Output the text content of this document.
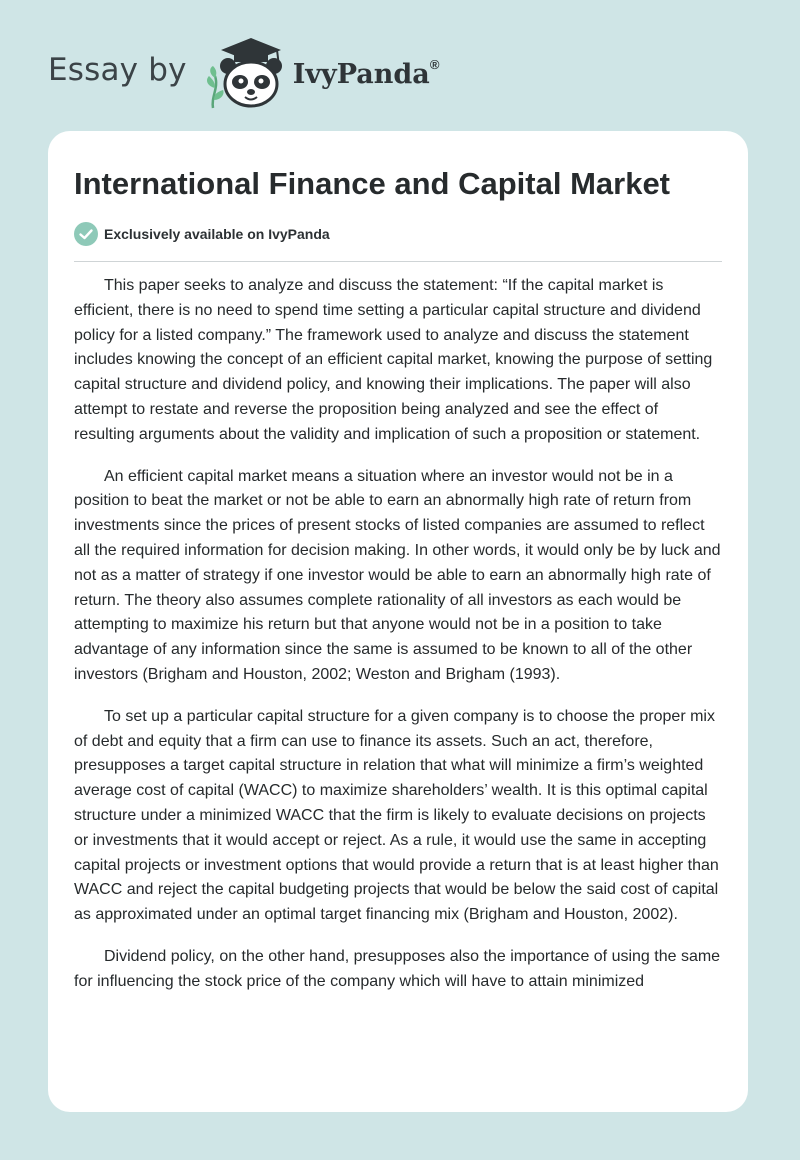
Essay by	IvyPanda®
International Finance and Capital Market
Exclusively available on IvyPanda

This paper seeks to analyze and discuss the statement: “If the capital market is efficient, there is no need to spend time setting a particular capital structure and dividend policy for a listed company.” The framework used to analyze and discuss the statement includes knowing the concept of an efficient capital market, knowing the purpose of setting capital structure and dividend policy, and knowing their implications. The paper will also attempt to restate and reverse the proposition being analyzed and see the effect of resulting arguments about the validity and implication of such a proposition or statement.

An efficient capital market means a situation where an investor would not be in a position to beat the market or not be able to earn an abnormally high rate of return from investments since the prices of present stocks of listed companies are assumed to reflect all the required information for decision making. In other words, it would only be by luck and not as a matter of strategy if one investor would be able to earn an abnormally high rate of return. The theory also assumes complete rationality of all investors as each would be attempting to maximize his return but that anyone would not be in a position to take advantage of any information since the same is assumed to be known to all of the other investors (Brigham and Houston, 2002; Weston and Brigham (1993).

To set up a particular capital structure for a given company is to choose the proper mix of debt and equity that a firm can use to finance its assets. Such an act, therefore, presupposes a target capital structure in relation that what will minimize a firm’s weighted average cost of capital (WACC) to maximize shareholders’ wealth. It is this optimal capital structure under a minimized WACC that the firm is likely to evaluate decisions on projects or investments that it would accept or reject. As a rule, it would use the same in accepting capital projects or investment options that would provide a return that is at least higher than WACC and reject the capital budgeting projects that would be below the said cost of capital as approximated under an optimal target financing mix (Brigham and Houston, 2002).

Dividend policy, on the other hand, presupposes also the importance of using the same for influencing the stock price of the company which will have to attain minimized
